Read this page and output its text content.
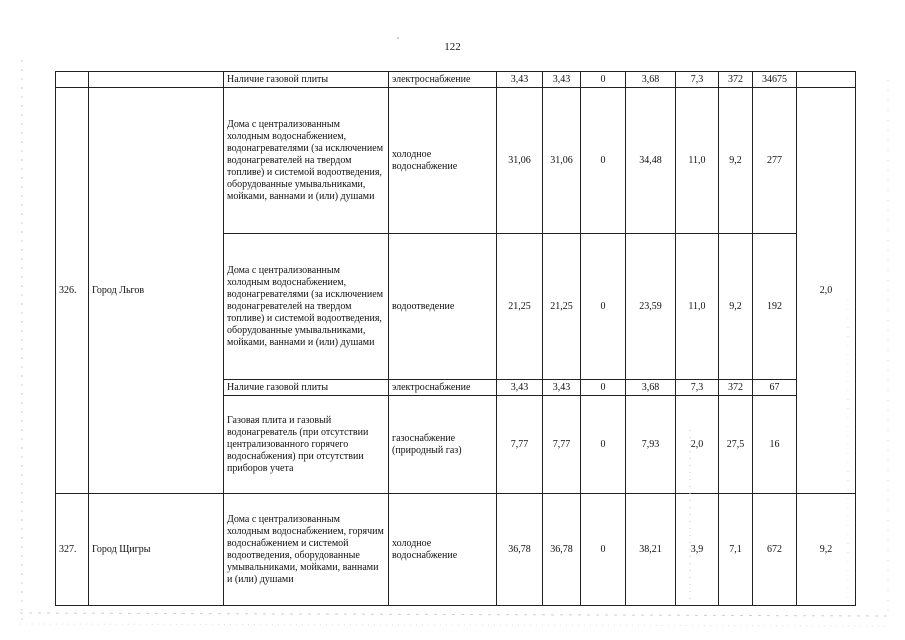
122
		Наличие газовой плиты	электроснабжение	3,43	3,43	0	3,68	7,3	372	34675	
326.	Город Льгов	Дома с централизованным холодным водоснабжением, водонагревателями (за исключением водонагревателей на твердом топливе) и системой водоотведения, оборудованные умывальниками, мойками, ваннами и (или) душами	холодное водоснабжение	31,06	31,06	0	34,48	11,0	9,2	277	2,0
		Дома с централизованным холодным водоснабжением, водонагревателями (за исключением водонагревателей на твердом топливе) и системой водоотведения, оборудованные умывальниками, мойками, ваннами и (или) душами	водоотведение	21,25	21,25	0	23,59	11,0	9,2	192	
		Наличие газовой плиты	электроснабжение	3,43	3,43	0	3,68	7,3	372	67	
		Газовая плита и газовый водонагреватель (при отсутствии централизованного горячего водоснабжения) при отсутствии приборов учета	газоснабжение (природный газ)	7,77	7,77	0	7,93	2,0	27,5	16	
327.	Город Щигры	Дома с централизованным холодным водоснабжением, горячим водоснабжением и системой водоотведения, оборудованные умывальниками, мойками, ваннами и (или) душами	холодное водоснабжение	36,78	36,78	0	38,21	3,9	7,1	672	9,2
